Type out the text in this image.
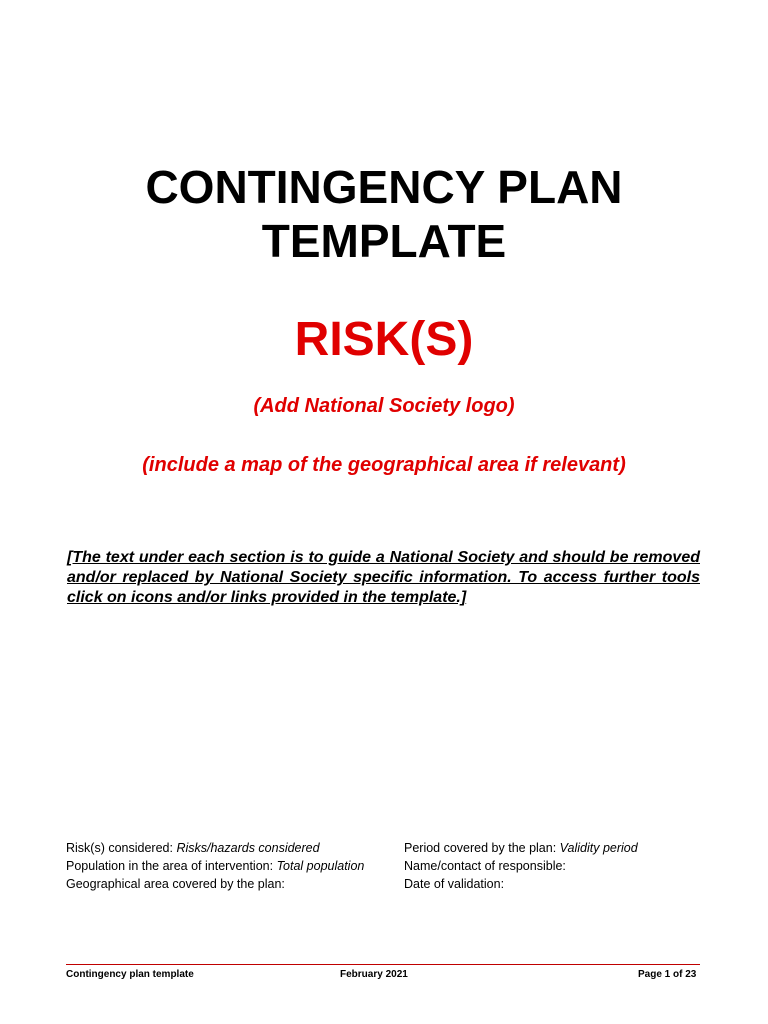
CONTINGENCY PLAN
TEMPLATE
RISK(S)
(Add National Society logo)
(include a map of the geographical area if relevant)

[The text under each section is to guide a National Society and should be removed and/or replaced by National Society specific information. To access further tools click on icons and/or links provided in the template.]

Risk(s) considered: Risks/hazards considered
Population in the area of intervention: Total population
Geographical area covered by the plan:
Period covered by the plan: Validity period
Name/contact of responsible:
Date of validation:
Contingency plan template	February 2021	Page 1 of 23
